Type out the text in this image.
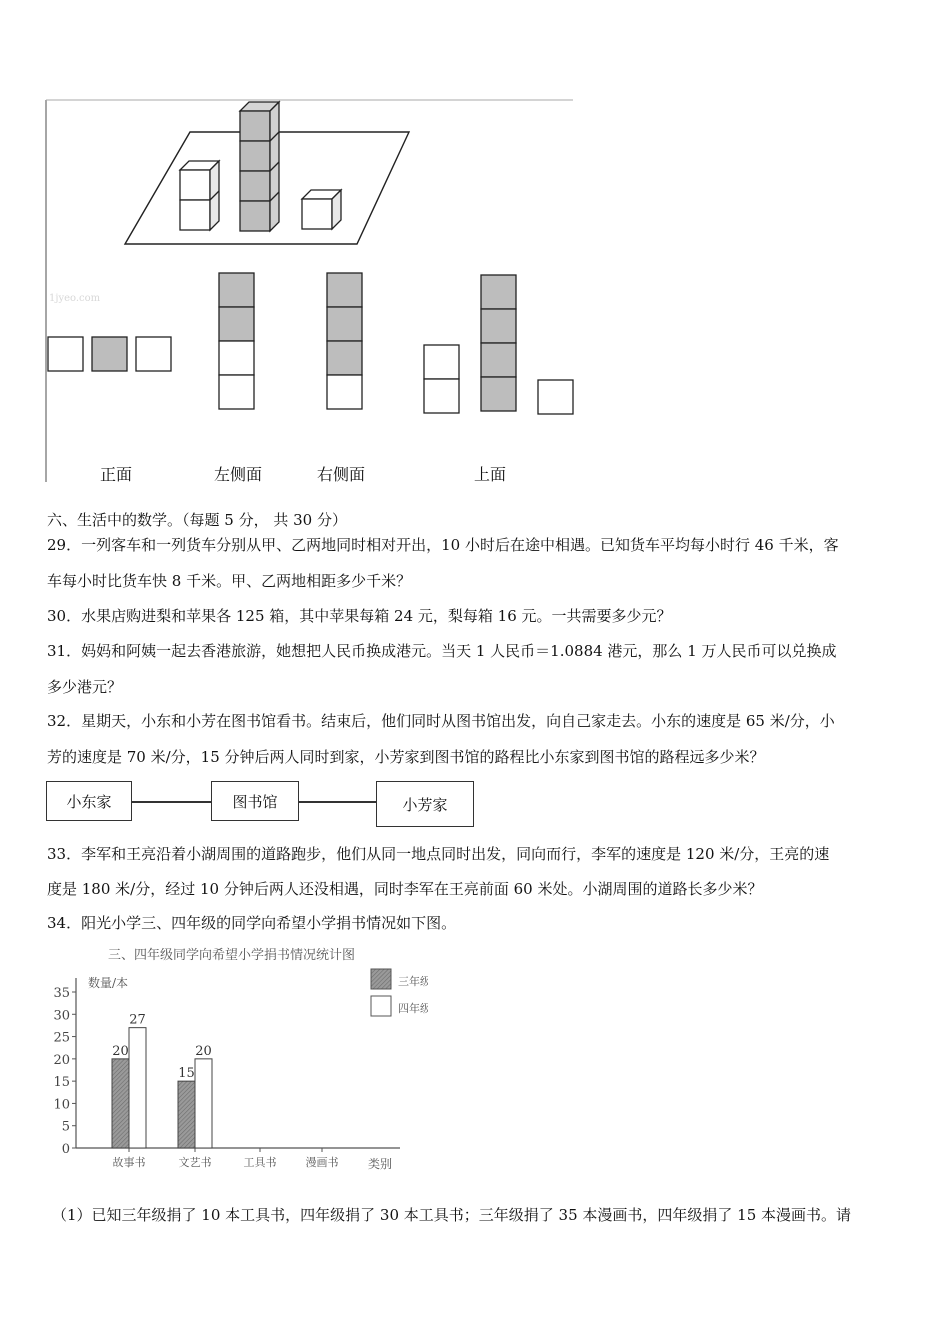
1jyeo.com
正面	左侧面	右侧面	上面
六、生活中的数学。（每题 5 分， 共 30 分）
29．一列客车和一列货车分别从甲、乙两地同时相对开出，10 小时后在途中相遇。已知货车平均每小时行 46 千米，客
车每小时比货车快 8 千米。甲、乙两地相距多少千米？
30．水果店购进梨和苹果各 125 箱，其中苹果每箱 24 元，梨每箱 16 元。一共需要多少元？
31．妈妈和阿姨一起去香港旅游，她想把人民币换成港元。当天 1 人民币＝1.0884 港元，那么 1 万人民币可以兑换成
多少港元？
32．星期天，小东和小芳在图书馆看书。结束后，他们同时从图书馆出发，向自己家走去。小东的速度是 65 米/分，小
芳的速度是 70 米/分，15 分钟后两人同时到家，小芳家到图书馆的路程比小东家到图书馆的路程远多少米？
小东家	图书馆	小芳家
33．李军和王亮沿着小湖周围的道路跑步，他们从同一地点同时出发，同向而行，李军的速度是 120 米/分，王亮的速
度是 180 米/分，经过 10 分钟后两人还没相遇，同时李军在王亮前面 60 米处。小湖周围的道路长多少米？
34．阳光小学三、四年级的同学向希望小学捐书情况如下图。
三、四年级同学向希望小学捐书情况统计图
数量/本
类别
三年级
四年级
0
5
10
15
20
25
30
35
故事书
20
27
文艺书
15
20
工具书	漫画书
（1）已知三年级捐了 10 本工具书，四年级捐了 30 本工具书；三年级捐了 35 本漫画书，四年级捐了 15 本漫画书。请
